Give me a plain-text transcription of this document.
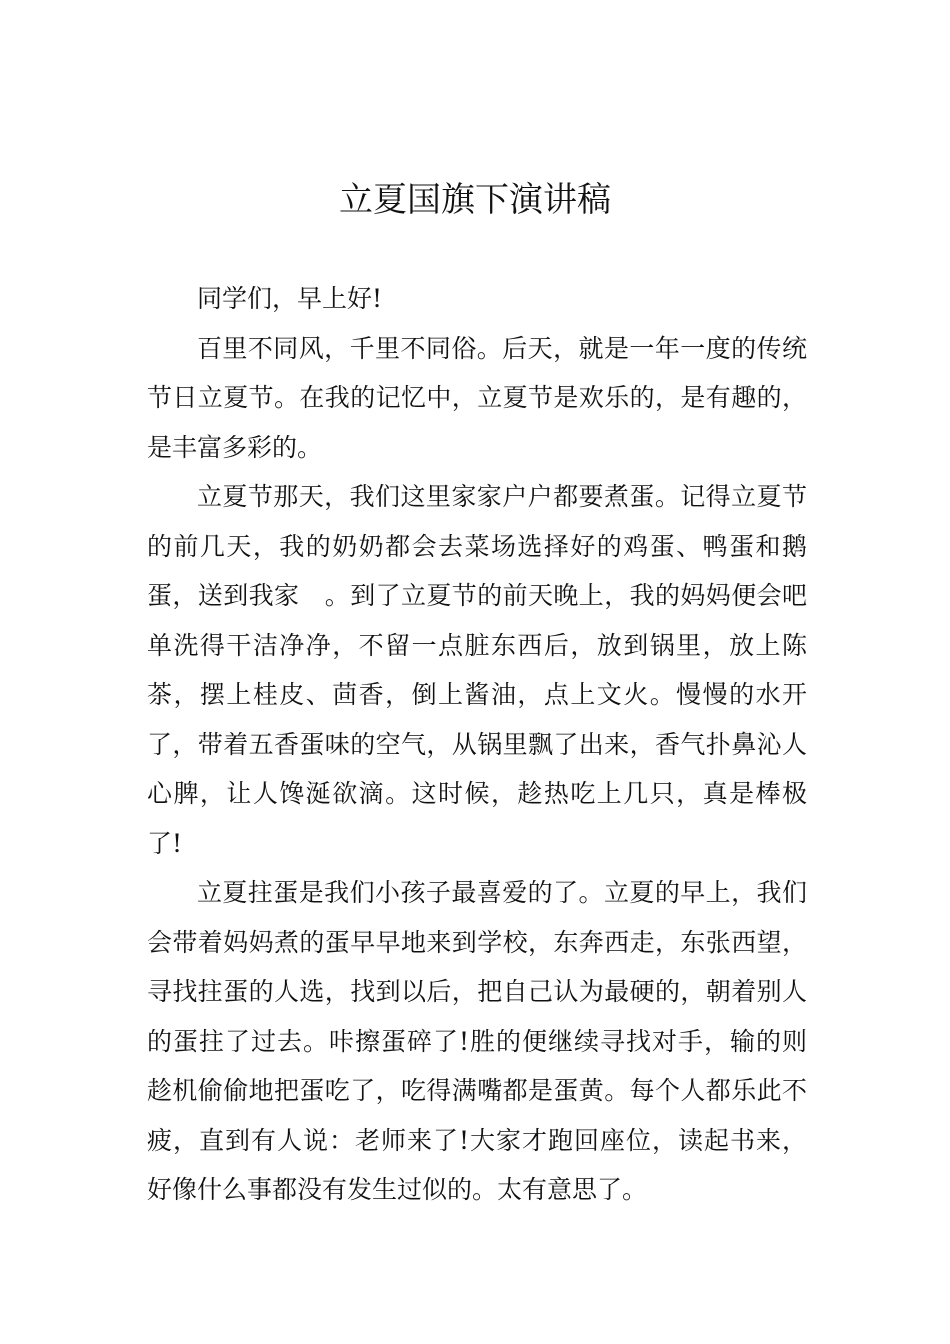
立夏国旗下演讲稿

同学们，早上好!

百里不同风，千里不同俗。后天，就是一年一度的传统节日立夏节。在我的记忆中，立夏节是欢乐的，是有趣的，是丰富多彩的。

立夏节那天，我们这里家家户户都要煮蛋。记得立夏节的前几天，我的奶奶都会去菜场选择好的鸡蛋、鸭蛋和鹅蛋，送到我家　。到了立夏节的前天晚上，我的妈妈便会吧单洗得干洁净净，不留一点脏东西后，放到锅里，放上陈茶，摆上桂皮、茴香，倒上酱油，点上文火。慢慢的水开了，带着五香蛋味的空气，从锅里飘了出来，香气扑鼻沁人心脾，让人馋涎欲滴。这时候，趁热吃上几只，真是棒极了!

立夏拄蛋是我们小孩子最喜爱的了。立夏的早上，我们会带着妈妈煮的蛋早早地来到学校，东奔西走，东张西望，寻找拄蛋的人选，找到以后，把自己认为最硬的，朝着别人的蛋拄了过去。咔擦蛋碎了!胜的便继续寻找对手，输的则趁机偷偷地把蛋吃了，吃得满嘴都是蛋黄。每个人都乐此不疲，直到有人说：老师来了!大家才跑回座位，读起书来，好像什么事都没有发生过似的。太有意思了。
